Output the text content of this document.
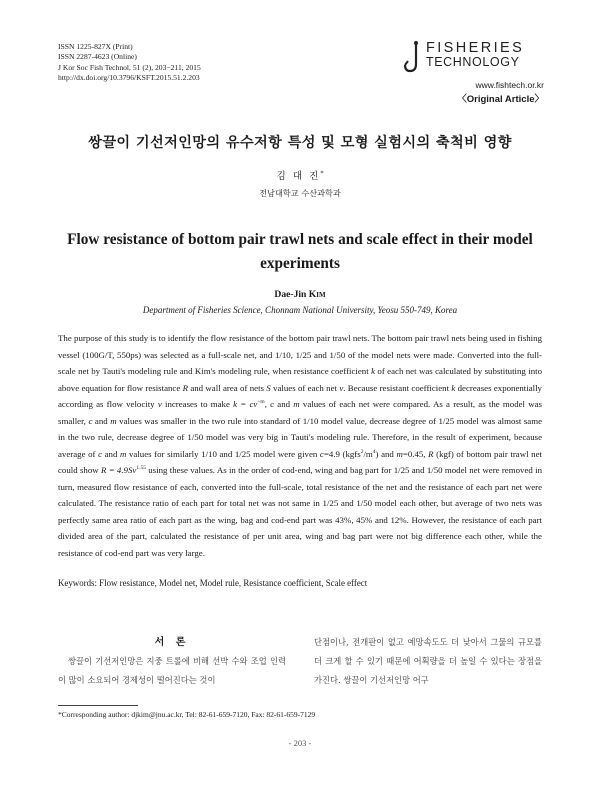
ISSN 1225-827X (Print)
ISSN 2287-4623 (Online)
J Kor Soc Fish Technol, 51 (2), 203−211, 2015
http://dx.doi.org/10.3796/KSFT.2015.51.2.203
FISHERIES
TECHNOLOGY
www.fishtech.or.kr
〈Original Article〉
쌍끌이 기선저인망의 유수저항 특성 및 모형 실험시의 축척비 영향
김 대 진*
전남대학교 수산과학과
Flow resistance of bottom pair trawl nets and scale effect in their model experiments
Dae-Jin Kim
Department of Fisheries Science, Chonnam National University, Yeosu 550-749, Korea
The purpose of this study is to identify the flow resistance of the bottom pair trawl nets. The bottom pair trawl nets being used in fishing vessel (100G/T, 550ps) was selected as a full-scale net, and 1/10, 1/25 and 1/50 of the model nets were made. Converted into the full-scale net by Tauti's modeling rule and Kim's modeling rule, when resistance coefficient k of each net was calculated by substituting into above equation for flow resistance R and wall area of nets S values of each net v. Because resistant coefficient k decreases exponentially according as flow velocity v increases to make $k = cv^{-m}$, c and m values of each net were compared. As a result, as the model was smaller, c and m values was smaller in the two rule into standard of 1/10 model value, decrease degree of 1/25 model was almost same in the two rule, decrease degree of 1/50 model was very big in Tauti's modeling rule. Therefore, in the result of experiment, because average of c and m values for similarly 1/10 and 1/25 model were given c=4.9 $(kgfs^2/m^4)$ and m=0.45, R (kgf) of bottom pair trawl net could show $R = 4.9Sv^{1.55}$ using these values. As in the order of cod-end, wing and bag part for 1/25 and 1/50 model net were removed in turn, measured flow resistance of each, converted into the full-scale, total resistance of the net and the resistance of each part net were calculated. The resistance ratio of each part for total net was not same in 1/25 and 1/50 model each other, but average of two nets was perfectly same area ratio of each part as the wing, bag and cod-end part was 43%, 45% and 12%. However, the resistance of each part divided area of the part, calculated the resistance of per unit area, wing and bag part were not big difference each other, while the resistance of cod-end part was very large.
Keywords: Flow resistance, Model net, Model rule, Resistance coefficient, Scale effect
서 론
쌍끌이 기선저인망은 지중 트롤에 비해 선박 수와 조업 인력이 많이 소요되어 경제성이 떨어진다는 것이
단점이나, 전개판이 없고 예망속도도 더 낮아서 그물의 규모를 더 크게 할 수 있기 때문에 어획량을 더 높일 수 있다는 장점을 가진다. 쌍끌이 기선저인망 어구
*Corresponding author: djkim@jnu.ac.kr, Tel: 82-61-659-7120, Fax: 82-61-659-7129
- 203 -
